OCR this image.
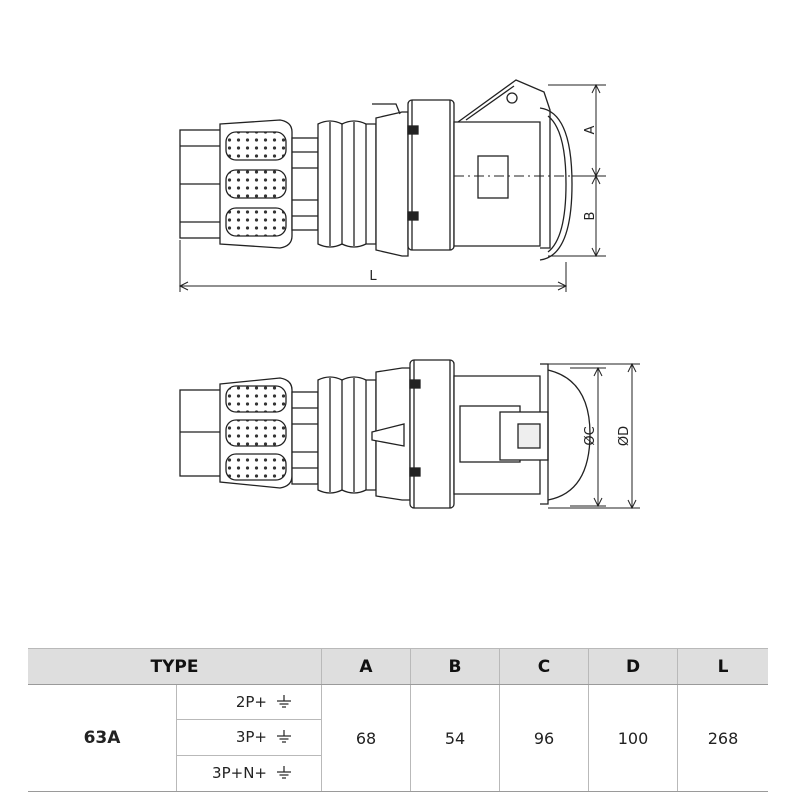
A
B
L
ØC ØD
TYPE	A	B	C	D	L
63A
2P+
3P+
3P+N+
68	54	96	100	268
